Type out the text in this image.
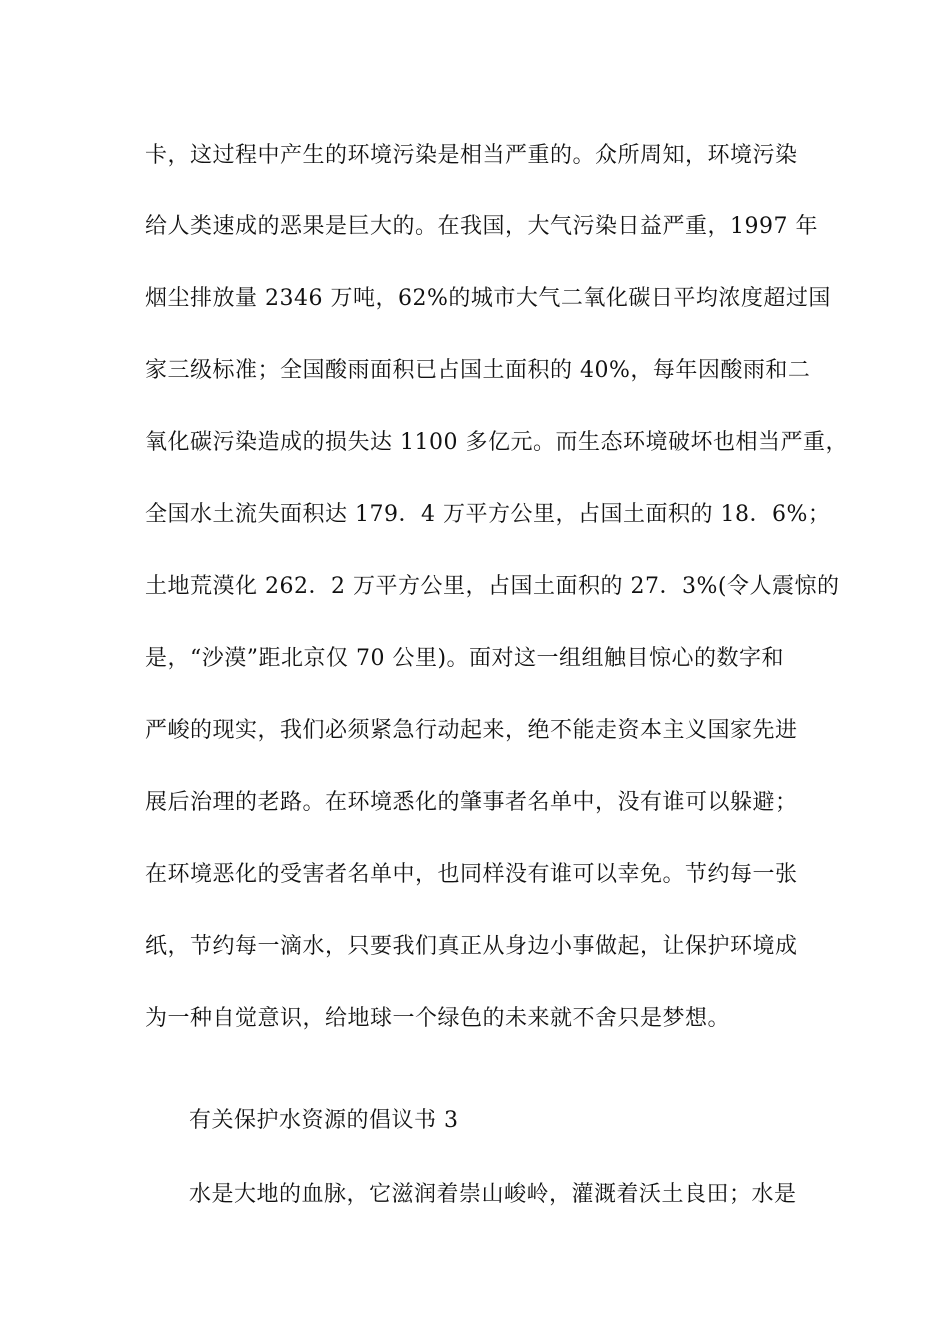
卡，这过程中产生的环境污染是相当严重的。众所周知，环境污染
给人类速成的恶果是巨大的。在我国，大气污染日益严重，1997 年
烟尘排放量 2346 万吨，62%的城市大气二氧化碳日平均浓度超过国
家三级标准；全国酸雨面积已占国土面积的 40%，每年因酸雨和二
氧化碳污染造成的损失达 1100 多亿元。而生态环境破坏也相当严重，
全国水土流失面积达 179．4 万平方公里，占国土面积的 18．6%；
土地荒漠化 262．2 万平方公里，占国土面积的 27．3%(令人震惊的
是，“沙漠”距北京仅 70 公里)。面对这一组组触目惊心的数字和
严峻的现实，我们必须紧急行动起来，绝不能走资本主义国家先进
展后治理的老路。在环境悉化的肇事者名单中，没有谁可以躲避；
在环境恶化的受害者名单中，也同样没有谁可以幸免。节约每一张
纸，节约每一滴水，只要我们真正从身边小事做起，让保护环境成
为一种自觉意识，给地球一个绿色的未来就不舍只是梦想。
有关保护水资源的倡议书 3
水是大地的血脉，它滋润着崇山峻岭，灌溉着沃土良田；水是
